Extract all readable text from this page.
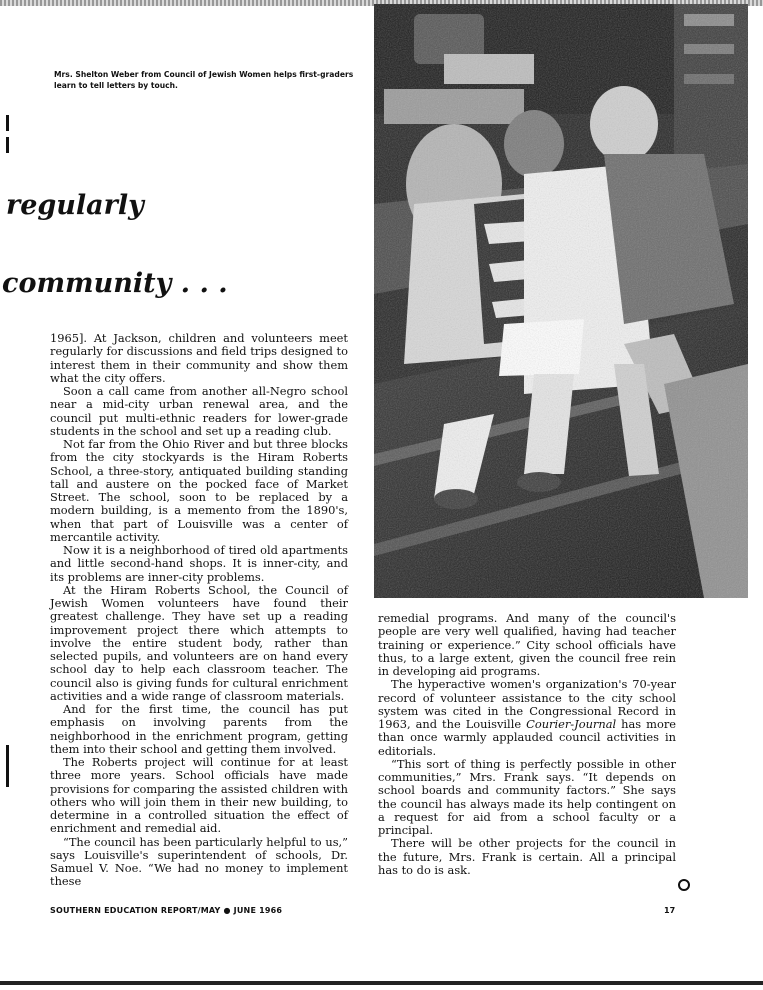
Mrs. Shelton Weber from Council of Jewish Women helps first-graders learn to tell letters by touch.

regularly
community . . .

1965]. At Jackson, children and volunteers meet regularly for discussions and field trips designed to interest them in their community and show them what the city offers.

Soon a call came from another all-Negro school near a mid-city urban renewal area, and the council put multi-ethnic readers for lower-grade students in the school and set up a reading club.

Not far from the Ohio River and but three blocks from the city stockyards is the Hiram Roberts School, a three-story, antiquated building standing tall and austere on the pocked face of Market Street. The school, soon to be replaced by a modern building, is a memento from the 1890's, when that part of Louisville was a center of mercantile activity.

Now it is a neighborhood of tired old apartments and little second-hand shops. It is inner-city, and its problems are inner-city problems.

At the Hiram Roberts School, the Council of Jewish Women volunteers have found their greatest challenge. They have set up a reading improvement project there which attempts to involve the entire student body, rather than selected pupils, and volunteers are on hand every school day to help each classroom teacher. The council also is giving funds for cultural enrichment activities and a wide range of classroom materials.

And for the first time, the council has put emphasis on involving parents from the neighborhood in the enrichment program, getting them into their school and getting them involved.

The Roberts project will continue for at least three more years. School officials have made provisions for comparing the assisted children with others who will join them in their new building, to determine in a controlled situation the effect of enrichment and remedial aid.

“The council has been particularly helpful to us,” says Louisville's superintendent of schools, Dr. Samuel V. Noe. “We had no money to implement these

remedial programs. And many of the council's people are very well qualified, having had teacher training or experience.” City school officials have thus, to a large extent, given the council free rein in developing aid programs.

The hyperactive women's organization's 70-year record of volunteer assistance to the city school system was cited in the Congressional Record in 1963, and the Louisville Courier-Journal has more than once warmly applauded council activities in editorials.

“This sort of thing is perfectly possible in other communities,” Mrs. Frank says. “It depends on school boards and community factors.” She says the council has always made its help contingent on a request for aid from a school faculty or a principal.

There will be other projects for the council in the future, Mrs. Frank is certain. All a principal has to do is ask.

SOUTHERN EDUCATION REPORT/MAY ● JUNE 1966	17
